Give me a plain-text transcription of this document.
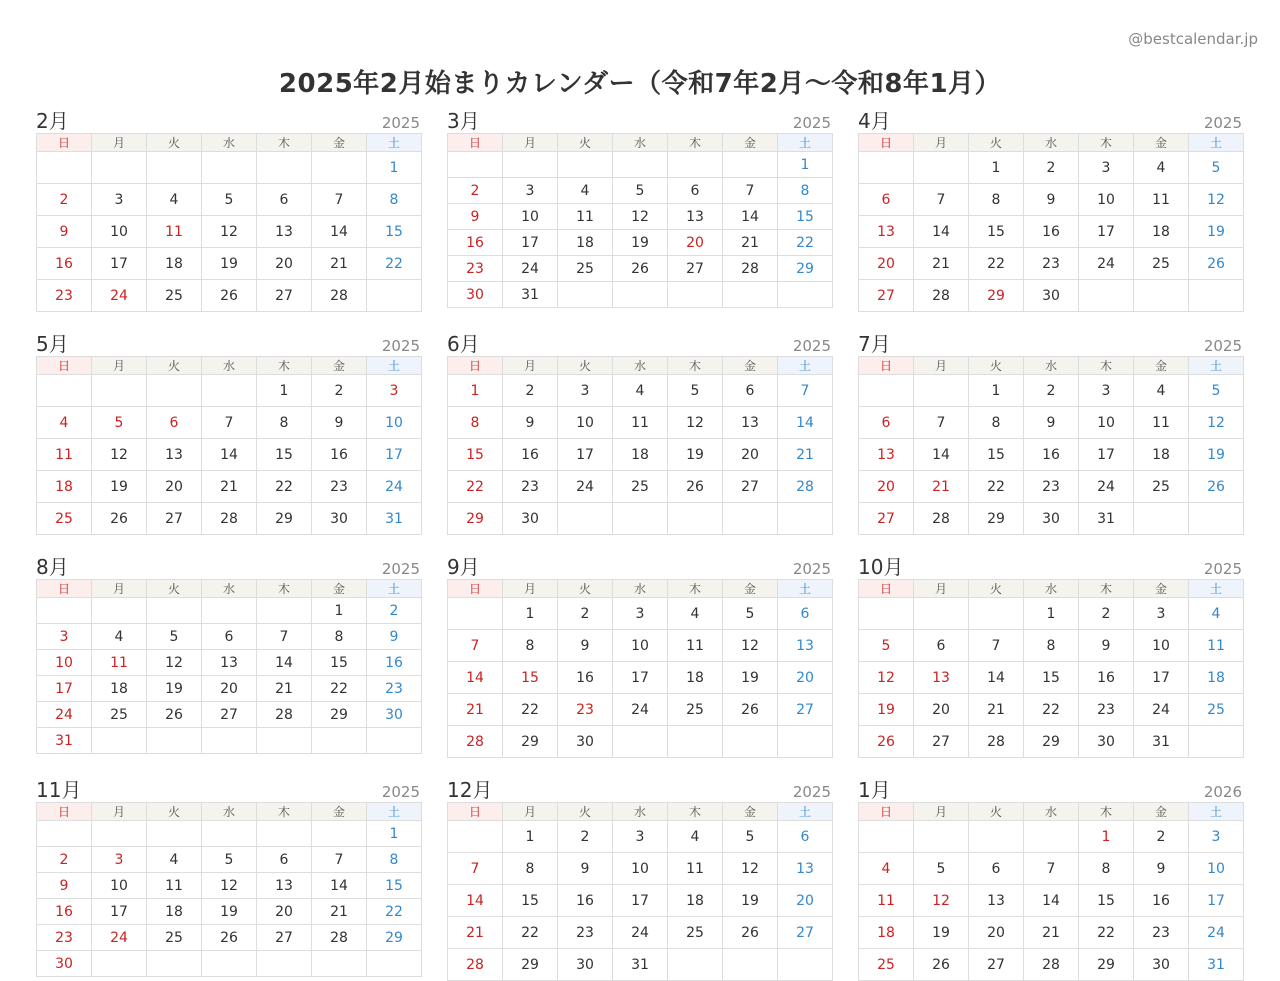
@bestcalendar.jp
2025年2月始まりカレンダー（令和7年2月〜令和8年1月）
2月	2025
日	月	火	水	木	金	土
						1
2	3	4	5	6	7	8
9	10	11	12	13	14	15
16	17	18	19	20	21	22
23	24	25	26	27	28	
3月	2025
日	月	火	水	木	金	土
						1
2	3	4	5	6	7	8
9	10	11	12	13	14	15
16	17	18	19	20	21	22
23	24	25	26	27	28	29
30	31					
4月	2025
日	月	火	水	木	金	土
		1	2	3	4	5
6	7	8	9	10	11	12
13	14	15	16	17	18	19
20	21	22	23	24	25	26
27	28	29	30			
5月	2025
日	月	火	水	木	金	土
				1	2	3
4	5	6	7	8	9	10
11	12	13	14	15	16	17
18	19	20	21	22	23	24
25	26	27	28	29	30	31
6月	2025
日	月	火	水	木	金	土
1	2	3	4	5	6	7
8	9	10	11	12	13	14
15	16	17	18	19	20	21
22	23	24	25	26	27	28
29	30					
7月	2025
日	月	火	水	木	金	土
		1	2	3	4	5
6	7	8	9	10	11	12
13	14	15	16	17	18	19
20	21	22	23	24	25	26
27	28	29	30	31		
8月	2025
日	月	火	水	木	金	土
					1	2
3	4	5	6	7	8	9
10	11	12	13	14	15	16
17	18	19	20	21	22	23
24	25	26	27	28	29	30
31						
9月	2025
日	月	火	水	木	金	土
	1	2	3	4	5	6
7	8	9	10	11	12	13
14	15	16	17	18	19	20
21	22	23	24	25	26	27
28	29	30				
10月	2025
日	月	火	水	木	金	土
			1	2	3	4
5	6	7	8	9	10	11
12	13	14	15	16	17	18
19	20	21	22	23	24	25
26	27	28	29	30	31	
11月	2025
日	月	火	水	木	金	土
						1
2	3	4	5	6	7	8
9	10	11	12	13	14	15
16	17	18	19	20	21	22
23	24	25	26	27	28	29
30						
12月	2025
日	月	火	水	木	金	土
	1	2	3	4	5	6
7	8	9	10	11	12	13
14	15	16	17	18	19	20
21	22	23	24	25	26	27
28	29	30	31			
1月	2026
日	月	火	水	木	金	土
				1	2	3
4	5	6	7	8	9	10
11	12	13	14	15	16	17
18	19	20	21	22	23	24
25	26	27	28	29	30	31
